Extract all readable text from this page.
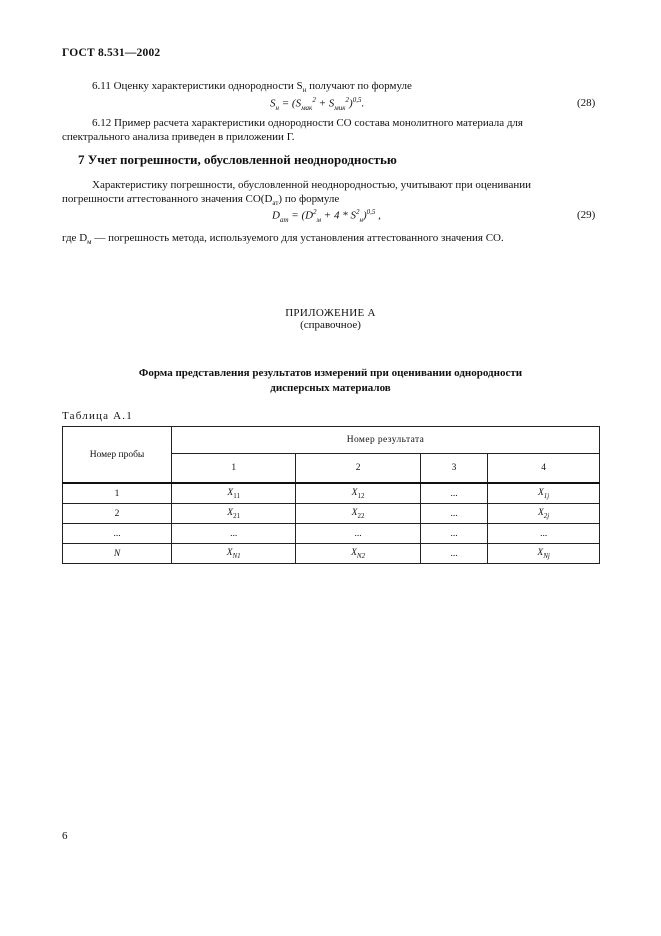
ГОСТ 8.531—2002
6.11 Оценку характеристики однородности $S_н$ получают по формуле
$S_н = (S_{мак}^2 + S_{мик}^2)^{0,5}$.	(28)
6.12 Пример расчета характеристики однородности СО состава монолитного материала для
спектрального анализа приведен в приложении Г.
7 Учет погрешности, обусловленной неоднородностью
Характеристику погрешности, обусловленной неоднородностью, учитывают при оценивании
погрешности аттестованного значения $СО(D_{ат})$ по формуле
$D_{ат} = (D^2_м + 4 * S^2_н)^{0,5}$ ,	(29)
где $D_м$ — погрешность метода, используемого для установления аттестованного значения СО.
ПРИЛОЖЕНИЕ А
(справочное)
Форма представления результатов измерений при оценивании однородности
дисперсных материалов
Таблица А.1
Номер пробы	Номер результата			
	1	2	3	4
1	$X_{11}$	$X_{12}$	...	$X_{1j}$
2	$X_{21}$	$X_{22}$	...	$X_{2j}$
...	...	...	...	...
N	$X_{N1}$	$X_{N2}$	...	$X_{Nj}$
6
